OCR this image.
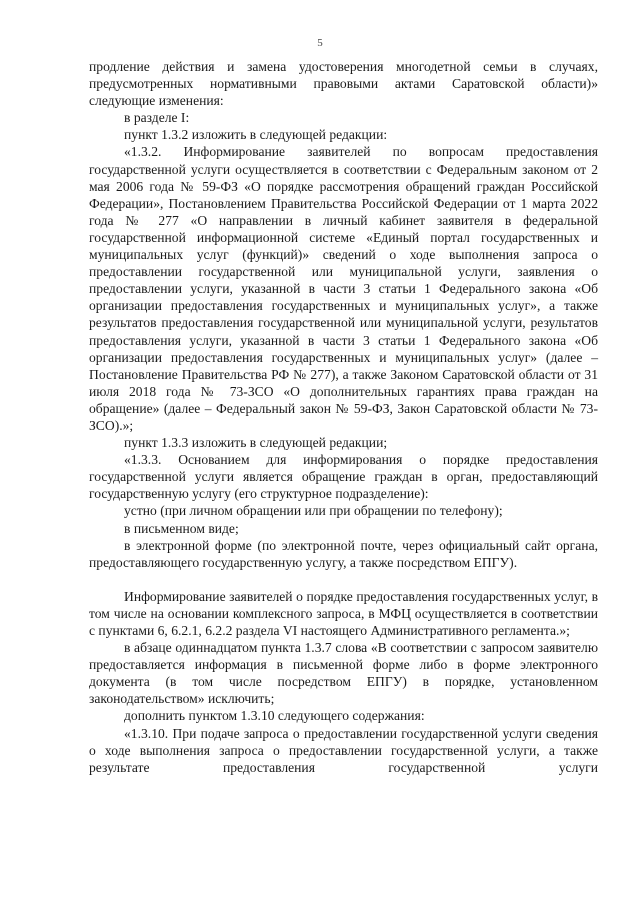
5

продление действия и замена удостоверения многодетной семьи в случаях, предусмотренных нормативными правовыми актами Саратовской области)» следующие изменения:

в разделе I:

пункт 1.3.2 изложить в следующей редакции:

«1.3.2. Информирование заявителей по вопросам предоставления государственной услуги осуществляется в соответствии с Федеральным законом от 2 мая 2006 года № 59-ФЗ «О порядке рассмотрения обращений граждан Российской Федерации», Постановлением Правительства Российской Федерации от 1 марта 2022 года № 277 «О направлении в личный кабинет заявителя в федеральной государственной информационной системе «Единый портал государственных и муниципальных услуг (функций)» сведений о ходе выполнения запроса о предоставлении государственной или муниципальной услуги, заявления о предоставлении услуги, указанной в части 3 статьи 1 Федерального закона «Об организации предоставления государственных и муниципальных услуг», а также результатов предоставления государственной или муниципальной услуги, результатов предоставления услуги, указанной в части 3 статьи 1 Федерального закона «Об организации предоставления государственных и муниципальных услуг» (далее – Постановление Правительства РФ № 277), а также Законом Саратовской области от 31 июля 2018 года № 73-ЗСО «О дополнительных гарантиях права граждан на обращение» (далее – Федеральный закон № 59-ФЗ, Закон Саратовской области № 73-ЗСО).»;

пункт 1.3.3 изложить в следующей редакции;

«1.3.3. Основанием для информирования о порядке предоставления государственной услуги является обращение граждан в орган, предоставляющий государственную услугу (его структурное подразделение):

устно (при личном обращении или при обращении по телефону);

в письменном виде;

в электронной форме (по электронной почте, через официальный сайт органа, предоставляющего государственную услугу, а также посредством ЕПГУ).

Информирование заявителей о порядке предоставления государственных услуг, в том числе на основании комплексного запроса, в МФЦ осуществляется в соответствии с пунктами 6, 6.2.1, 6.2.2 раздела VI настоящего Административного регламента.»;

в абзаце одиннадцатом пункта 1.3.7 слова «В соответствии с запросом заявителю предоставляется информация в письменной форме либо в форме электронного документа (в том числе посредством ЕПГУ) в порядке, установленном законодательством» исключить;

дополнить пунктом 1.3.10 следующего содержания:

«1.3.10. При подаче запроса о предоставлении государственной услуги сведения о ходе выполнения запроса о предоставлении государственной услуги, а также результате предоставления государственной услуги
